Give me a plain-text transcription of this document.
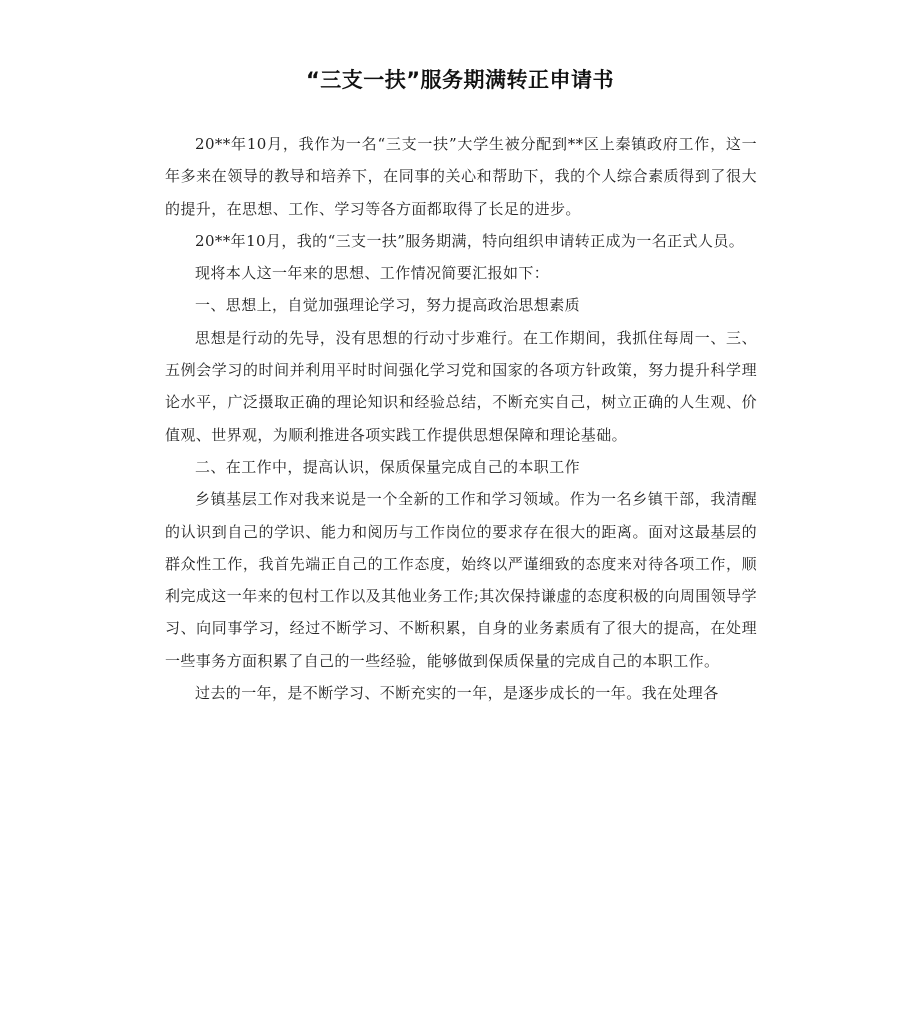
“三支一扶”服务期满转正申请书

20**年10月，我作为一名“三支一扶”大学生被分配到**区上秦镇政府工作，这一年多来在领导的教导和培养下，在同事的关心和帮助下，我的个人综合素质得到了很大的提升，在思想、工作、学习等各方面都取得了长足的进步。

20**年10月，我的“三支一扶”服务期满，特向组织申请转正成为一名正式人员。

现将本人这一年来的思想、工作情况简要汇报如下：

一、思想上，自觉加强理论学习，努力提高政治思想素质

思想是行动的先导，没有思想的行动寸步难行。在工作期间，我抓住每周一、三、五例会学习的时间并利用平时时间强化学习党和国家的各项方针政策，努力提升科学理论水平，广泛摄取正确的理论知识和经验总结，不断充实自己，树立正确的人生观、价值观、世界观，为顺利推进各项实践工作提供思想保障和理论基础。

二、在工作中，提高认识，保质保量完成自己的本职工作

乡镇基层工作对我来说是一个全新的工作和学习领域。作为一名乡镇干部，我清醒的认识到自己的学识、能力和阅历与工作岗位的要求存在很大的距离。面对这最基层的群众性工作，我首先端正自己的工作态度，始终以严谨细致的态度来对待各项工作，顺利完成这一年来的包村工作以及其他业务工作;其次保持谦虚的态度积极的向周围领导学习、向同事学习，经过不断学习、不断积累，自身的业务素质有了很大的提高，在处理一些事务方面积累了自己的一些经验，能够做到保质保量的完成自己的本职工作。

过去的一年，是不断学习、不断充实的一年，是逐步成长的一年。我在处理各
